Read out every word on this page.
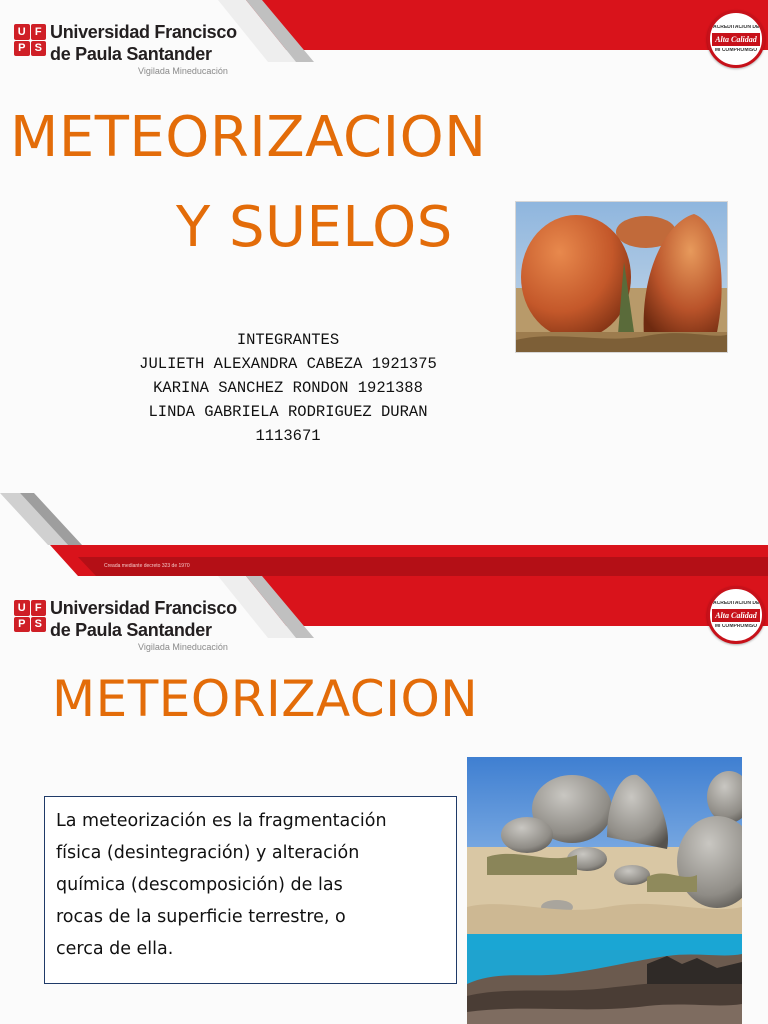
U F
P S
Universidad Francisco
de Paula Santander
Vigilada Mineducación
ACREDITACIÓN DE
Alta Calidad
MI COMPROMISO
METEORIZACION
Y SUELOS
INTEGRANTES
JULIETH ALEXANDRA CABEZA 1921375
KARINA SANCHEZ RONDON 1921388
LINDA GABRIELA RODRIGUEZ DURAN
1113671
Creada mediante decreto 323 de 1970
U F
P S
Universidad Francisco
de Paula Santander
Vigilada Mineducación
ACREDITACIÓN DE
Alta Calidad
MI COMPROMISO
METEORIZACION
La meteorización es la fragmentación
física (desintegración) y alteración
química (descomposición) de las
rocas de la superficie terrestre, o
cerca de ella.
